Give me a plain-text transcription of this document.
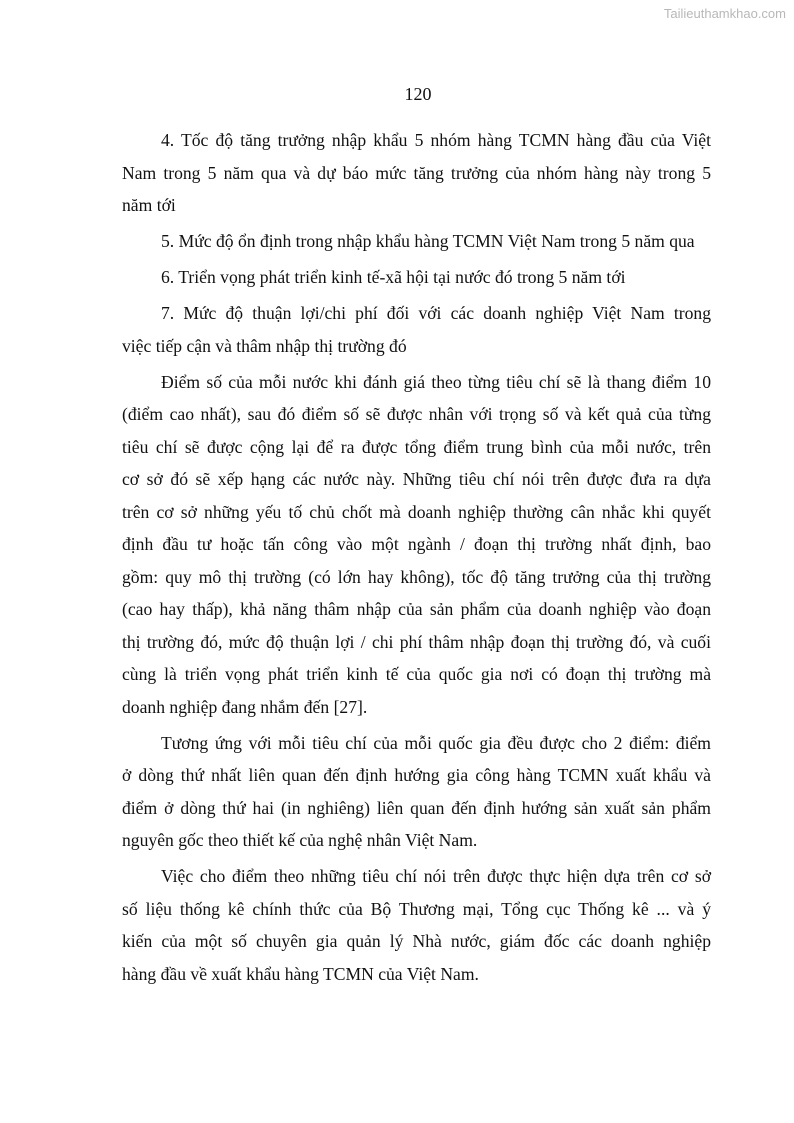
Tailieuthamkhao.com
120
4. Tốc độ tăng trưởng nhập khẩu 5 nhóm hàng TCMN hàng đầu của Việt
Nam trong 5 năm qua và dự báo mức tăng trưởng của nhóm hàng này trong 5
năm tới
5. Mức độ ổn định trong nhập khẩu hàng TCMN Việt Nam trong 5 năm qua
6. Triển vọng phát triển kinh tế-xã hội tại nước đó trong 5 năm tới
7. Mức độ thuận lợi/chi phí đối với các doanh nghiệp Việt Nam trong
việc tiếp cận và thâm nhập thị trường đó
Điểm số của mỗi nước khi đánh giá theo từng tiêu chí sẽ là thang điểm 10
(điểm cao nhất), sau đó điểm số sẽ được nhân với trọng số và kết quả của từng
tiêu chí sẽ được cộng lại để ra được tổng điểm trung bình của mỗi nước, trên
cơ sở đó sẽ xếp hạng các nước này. Những tiêu chí nói trên được đưa ra dựa
trên cơ sở những yếu tố chủ chốt mà doanh nghiệp thường cân nhắc khi quyết
định đầu tư hoặc tấn công vào một ngành / đoạn thị trường nhất định, bao
gồm: quy mô thị trường (có lớn hay không), tốc độ tăng trưởng của thị trường
(cao hay thấp), khả năng thâm nhập của sản phẩm của doanh nghiệp vào đoạn
thị trường đó, mức độ thuận lợi / chi phí thâm nhập đoạn thị trường đó, và cuối
cùng là triển vọng phát triển kinh tế của quốc gia nơi có đoạn thị trường mà
doanh nghiệp đang nhắm đến [27].
Tương ứng với mỗi tiêu chí của mỗi quốc gia đều được cho 2 điểm: điểm
ở dòng thứ nhất liên quan đến định hướng gia công hàng TCMN xuất khẩu và
điểm ở dòng thứ hai (in nghiêng) liên quan đến định hướng sản xuất sản phẩm
nguyên gốc theo thiết kế của nghệ nhân Việt Nam.
Việc cho điểm theo những tiêu chí nói trên được thực hiện dựa trên cơ sở
số liệu thống kê chính thức của Bộ Thương mại, Tổng cục Thống kê ... và ý
kiến của một số chuyên gia quản lý Nhà nước, giám đốc các doanh nghiệp
hàng đầu về xuất khẩu hàng TCMN của Việt Nam.
